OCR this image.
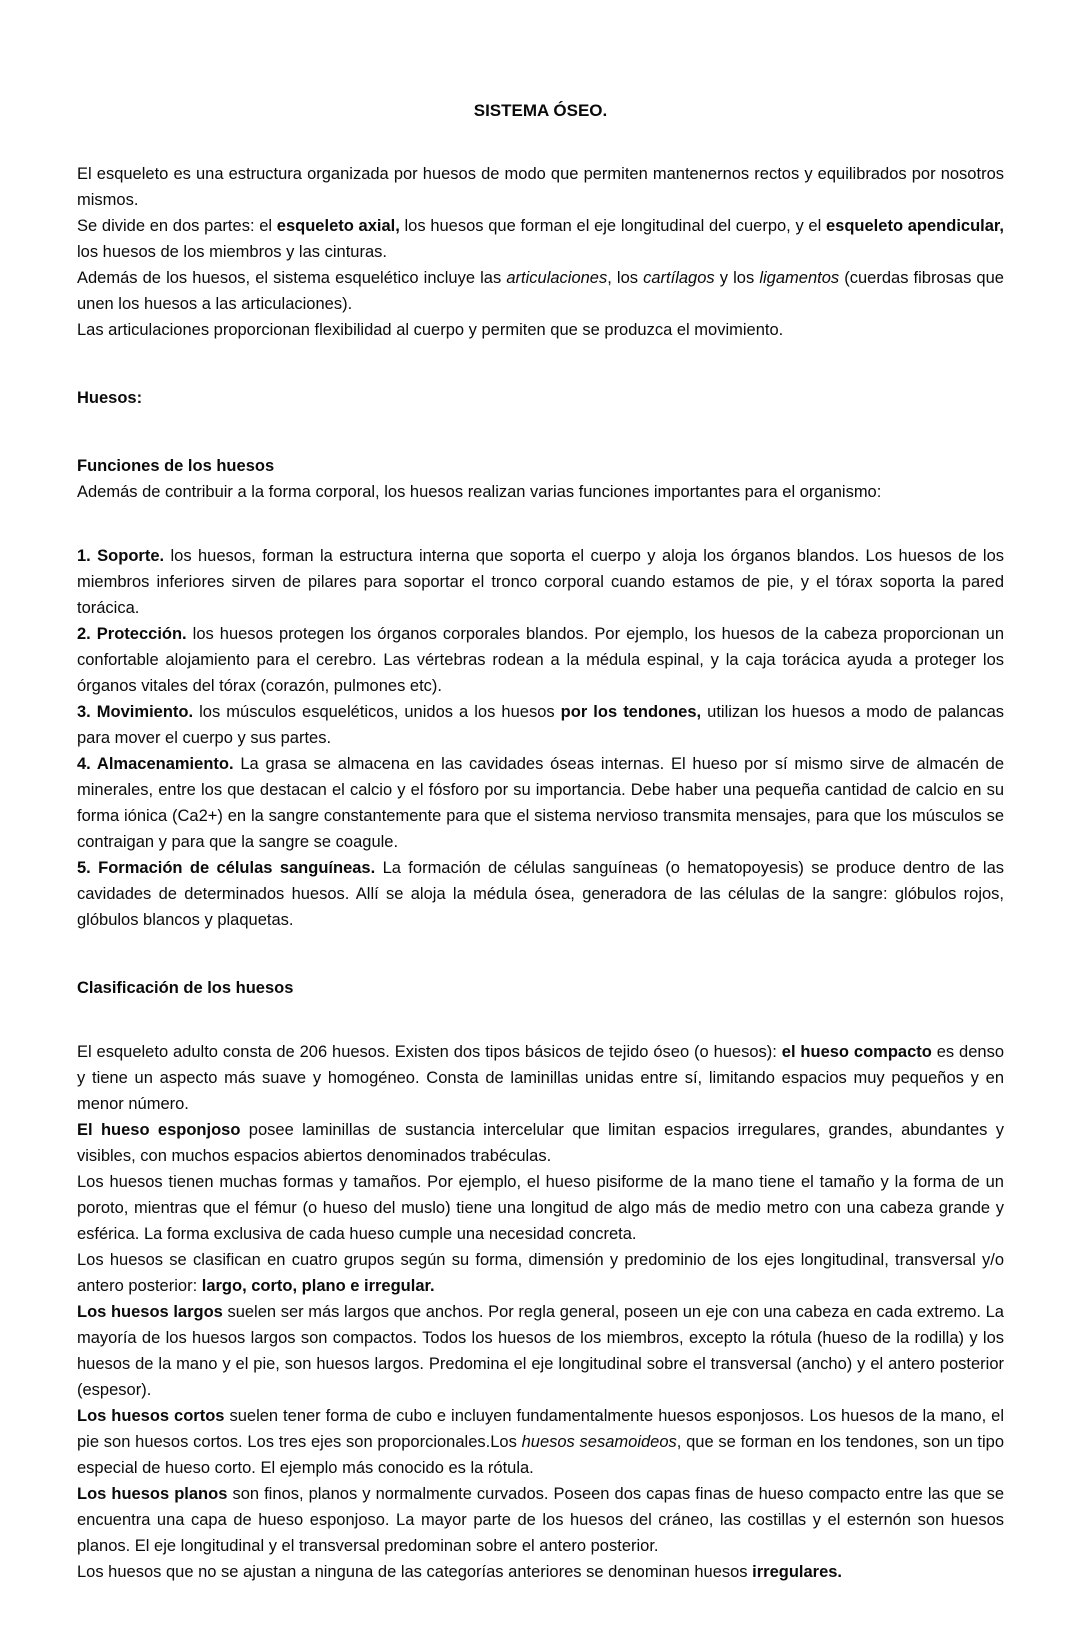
SISTEMA ÓSEO.

El esqueleto es una estructura organizada por huesos de modo que permiten mantenernos rectos y equilibrados por nosotros mismos.

Se divide en dos partes: el esqueleto axial, los huesos que forman el eje longitudinal del cuerpo, y el esqueleto apendicular, los huesos de los miembros y las cinturas.

Además de los huesos, el sistema esquelético incluye las articulaciones, los cartílagos y los ligamentos (cuerdas fibrosas que unen los huesos a las articulaciones).

Las articulaciones proporcionan flexibilidad al cuerpo y permiten que se produzca el movimiento.

Huesos:

Funciones de los huesos

Además de contribuir a la forma corporal, los huesos realizan varias funciones importantes para el organismo:

1. Soporte. los huesos, forman la estructura interna que soporta el cuerpo y aloja los órganos blandos. Los huesos de los miembros inferiores sirven de pilares para soportar el tronco corporal cuando estamos de pie, y el tórax soporta la pared torácica.

2. Protección. los huesos protegen los órganos corporales blandos. Por ejemplo, los huesos de la cabeza proporcionan un confortable alojamiento para el cerebro. Las vértebras rodean a la médula espinal, y la caja torácica ayuda a proteger los órganos vitales del tórax (corazón, pulmones etc).

3. Movimiento. los músculos esqueléticos, unidos a los huesos por los tendones, utilizan los huesos a modo de palancas para mover el cuerpo y sus partes.

4. Almacenamiento. La grasa se almacena en las cavidades óseas internas. El hueso por sí mismo sirve de almacén de minerales, entre los que destacan el calcio y el fósforo por su importancia. Debe haber una pequeña cantidad de calcio en su forma iónica (Ca2+) en la sangre constantemente para que el sistema nervioso transmita mensajes, para que los músculos se contraigan y para que la sangre se coagule.

5. Formación de células sanguíneas. La formación de células sanguíneas (o hematopoyesis) se produce dentro de las cavidades de determinados huesos. Allí se aloja la médula ósea, generadora de las células de la sangre: glóbulos rojos, glóbulos blancos y plaquetas.

Clasificación de los huesos

El esqueleto adulto consta de 206 huesos. Existen dos tipos básicos de tejido óseo (o huesos): el hueso compacto es denso y tiene un aspecto más suave y homogéneo. Consta de laminillas unidas entre sí, limitando espacios muy pequeños y en menor número.

El hueso esponjoso posee laminillas de sustancia intercelular que limitan espacios irregulares, grandes, abundantes y visibles, con muchos espacios abiertos denominados trabéculas.

Los huesos tienen muchas formas y tamaños. Por ejemplo, el hueso pisiforme de la mano tiene el tamaño y la forma de un poroto, mientras que el fémur (o hueso del muslo) tiene una longitud de algo más de medio metro con una cabeza grande y esférica. La forma exclusiva de cada hueso cumple una necesidad concreta.

Los huesos se clasifican en cuatro grupos según su forma, dimensión y predominio de los ejes longitudinal, transversal y/o antero posterior: largo, corto, plano e irregular.

Los huesos largos suelen ser más largos que anchos. Por regla general, poseen un eje con una cabeza en cada extremo. La mayoría de los huesos largos son compactos. Todos los huesos de los miembros, excepto la rótula (hueso de la rodilla) y los huesos de la mano y el pie, son huesos largos. Predomina el eje longitudinal sobre el transversal (ancho) y el antero posterior (espesor).

Los huesos cortos suelen tener forma de cubo e incluyen fundamentalmente huesos esponjosos. Los huesos de la mano, el pie son huesos cortos. Los tres ejes son proporcionales.Los huesos sesamoideos, que se forman en los tendones, son un tipo especial de hueso corto. El ejemplo más conocido es la rótula.

Los huesos planos son finos, planos y normalmente curvados. Poseen dos capas finas de hueso compacto entre las que se encuentra una capa de hueso esponjoso. La mayor parte de los huesos del cráneo, las costillas y el esternón son huesos planos. El eje longitudinal y el transversal predominan sobre el antero posterior.

Los huesos que no se ajustan a ninguna de las categorías anteriores se denominan huesos irregulares.
